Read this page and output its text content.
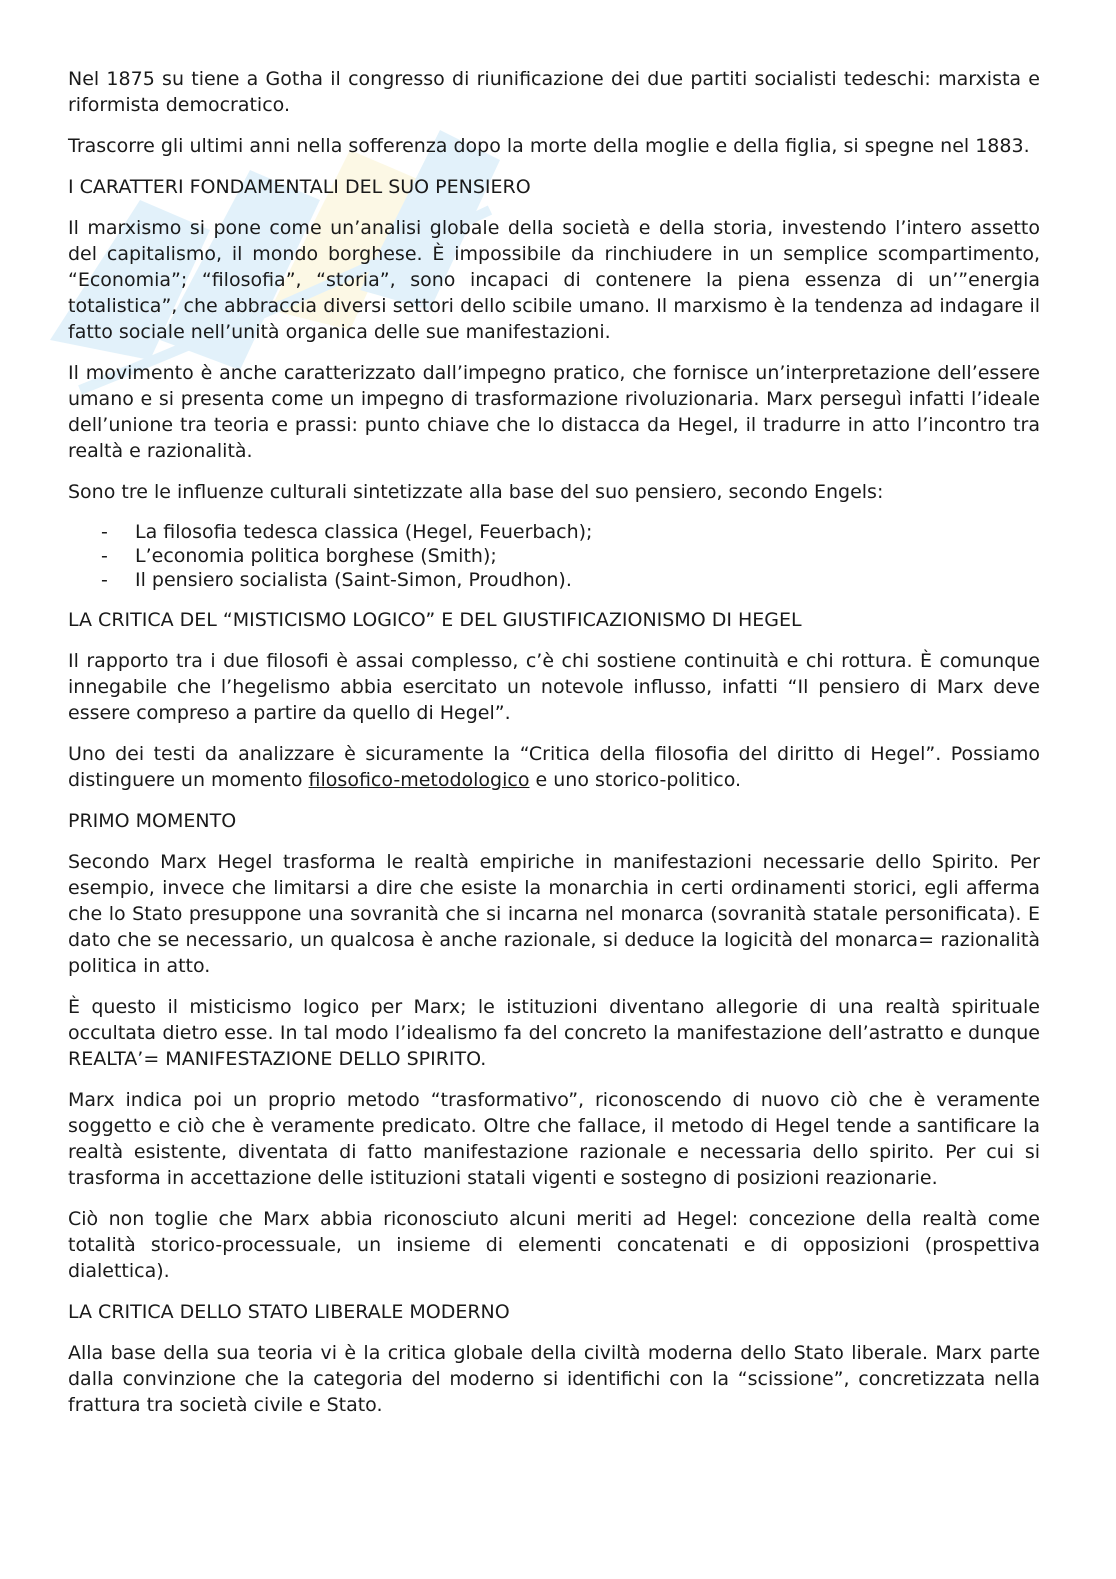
Nel 1875 su tiene a Gotha il congresso di riunificazione dei due partiti socialisti tedeschi: marxista e riformista democratico.

Trascorre gli ultimi anni nella sofferenza dopo la morte della moglie e della figlia, si spegne nel 1883.

I CARATTERI FONDAMENTALI DEL SUO PENSIERO

Il marxismo si pone come un’analisi globale della società e della storia, investendo l’intero assetto del capitalismo, il mondo borghese. È impossibile da rinchiudere in un semplice scompartimento, “Economia”; “filosofia”, “storia”, sono incapaci di contenere la piena essenza di un’”energia totalistica”, che abbraccia diversi settori dello scibile umano. Il marxismo è la tendenza ad indagare il fatto sociale nell’unità organica delle sue manifestazioni.

Il movimento è anche caratterizzato dall’impegno pratico, che fornisce un’interpretazione dell’essere umano e si presenta come un impegno di trasformazione rivoluzionaria. Marx perseguì infatti l’ideale dell’unione tra teoria e prassi: punto chiave che lo distacca da Hegel, il tradurre in atto l’incontro tra realtà e razionalità.

Sono tre le influenze culturali sintetizzate alla base del suo pensiero, secondo Engels:

- La filosofia tedesca classica (Hegel, Feuerbach);
- L’economia politica borghese (Smith);
- Il pensiero socialista (Saint-Simon, Proudhon).

LA CRITICA DEL “MISTICISMO LOGICO” E DEL GIUSTIFICAZIONISMO DI HEGEL

Il rapporto tra i due filosofi è assai complesso, c’è chi sostiene continuità e chi rottura. È comunque innegabile che l’hegelismo abbia esercitato un notevole influsso, infatti “Il pensiero di Marx deve essere compreso a partire da quello di Hegel”.

Uno dei testi da analizzare è sicuramente la “Critica della filosofia del diritto di Hegel”. Possiamo distinguere un momento filosofico-metodologico e uno storico-politico.

PRIMO MOMENTO

Secondo Marx Hegel trasforma le realtà empiriche in manifestazioni necessarie dello Spirito. Per esempio, invece che limitarsi a dire che esiste la monarchia in certi ordinamenti storici, egli afferma che lo Stato presuppone una sovranità che si incarna nel monarca (sovranità statale personificata). E dato che se necessario, un qualcosa è anche razionale, si deduce la logicità del monarca= razionalità politica in atto.

È questo il misticismo logico per Marx; le istituzioni diventano allegorie di una realtà spirituale occultata dietro esse. In tal modo l’idealismo fa del concreto la manifestazione dell’astratto e dunque REALTA’= MANIFESTAZIONE DELLO SPIRITO.

Marx indica poi un proprio metodo “trasformativo”, riconoscendo di nuovo ciò che è veramente soggetto e ciò che è veramente predicato. Oltre che fallace, il metodo di Hegel tende a santificare la realtà esistente, diventata di fatto manifestazione razionale e necessaria dello spirito. Per cui si trasforma in accettazione delle istituzioni statali vigenti e sostegno di posizioni reazionarie.

Ciò non toglie che Marx abbia riconosciuto alcuni meriti ad Hegel: concezione della realtà come totalità storico-processuale, un insieme di elementi concatenati e di opposizioni (prospettiva dialettica).

LA CRITICA DELLO STATO LIBERALE MODERNO

Alla base della sua teoria vi è la critica globale della civiltà moderna dello Stato liberale. Marx parte dalla convinzione che la categoria del moderno si identifichi con la “scissione”, concretizzata nella frattura tra società civile e Stato.
